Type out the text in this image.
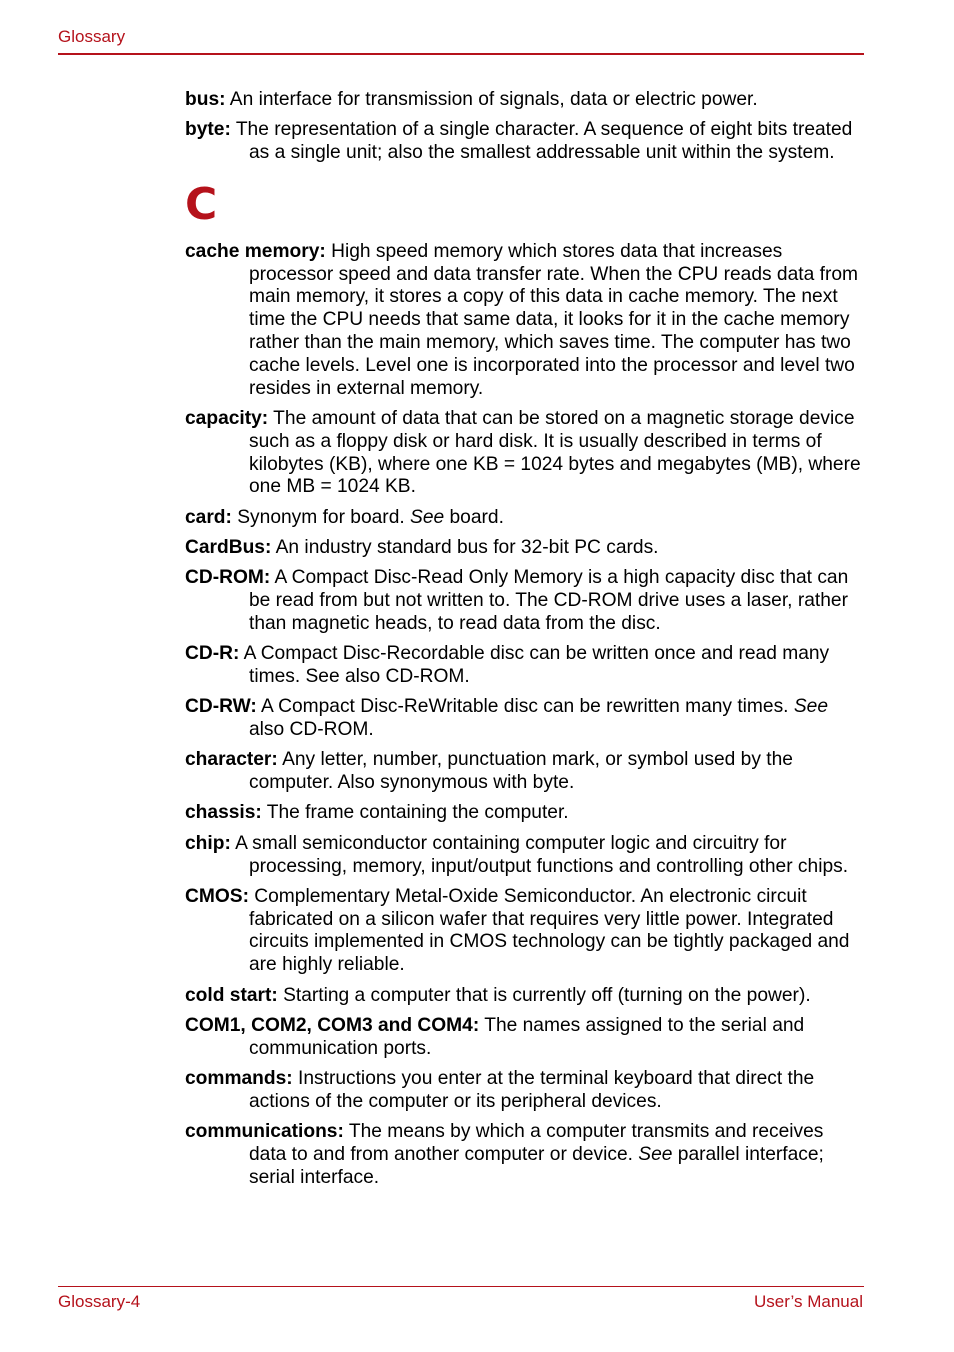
Glossary

bus: An interface for transmission of signals, data or electric power.

byte: The representation of a single character. A sequence of eight bits treated as a single unit; also the smallest addressable unit within the system.

C

cache memory: High speed memory which stores data that increases processor speed and data transfer rate. When the CPU reads data from main memory, it stores a copy of this data in cache memory. The next time the CPU needs that same data, it looks for it in the cache memory rather than the main memory, which saves time. The computer has two cache levels. Level one is incorporated into the processor and level two resides in external memory.

capacity: The amount of data that can be stored on a magnetic storage device such as a floppy disk or hard disk. It is usually described in terms of kilobytes (KB), where one KB = 1024 bytes and megabytes (MB), where one MB = 1024 KB.

card: Synonym for board. See board.

CardBus: An industry standard bus for 32-bit PC cards.

CD-ROM: A Compact Disc-Read Only Memory is a high capacity disc that can be read from but not written to. The CD-ROM drive uses a laser, rather than magnetic heads, to read data from the disc.

CD-R: A Compact Disc-Recordable disc can be written once and read many times. See also CD-ROM.

CD-RW: A Compact Disc-ReWritable disc can be rewritten many times. See also CD-ROM.

character: Any letter, number, punctuation mark, or symbol used by the computer. Also synonymous with byte.

chassis: The frame containing the computer.

chip: A small semiconductor containing computer logic and circuitry for processing, memory, input/output functions and controlling other chips.

CMOS: Complementary Metal-Oxide Semiconductor. An electronic circuit fabricated on a silicon wafer that requires very little power. Integrated circuits implemented in CMOS technology can be tightly packaged and are highly reliable.

cold start: Starting a computer that is currently off (turning on the power).

COM1, COM2, COM3 and COM4: The names assigned to the serial and communication ports.

commands: Instructions you enter at the terminal keyboard that direct the actions of the computer or its peripheral devices.

communications: The means by which a computer transmits and receives data to and from another computer or device. See parallel interface; serial interface.

Glossary-4	User’s Manual
